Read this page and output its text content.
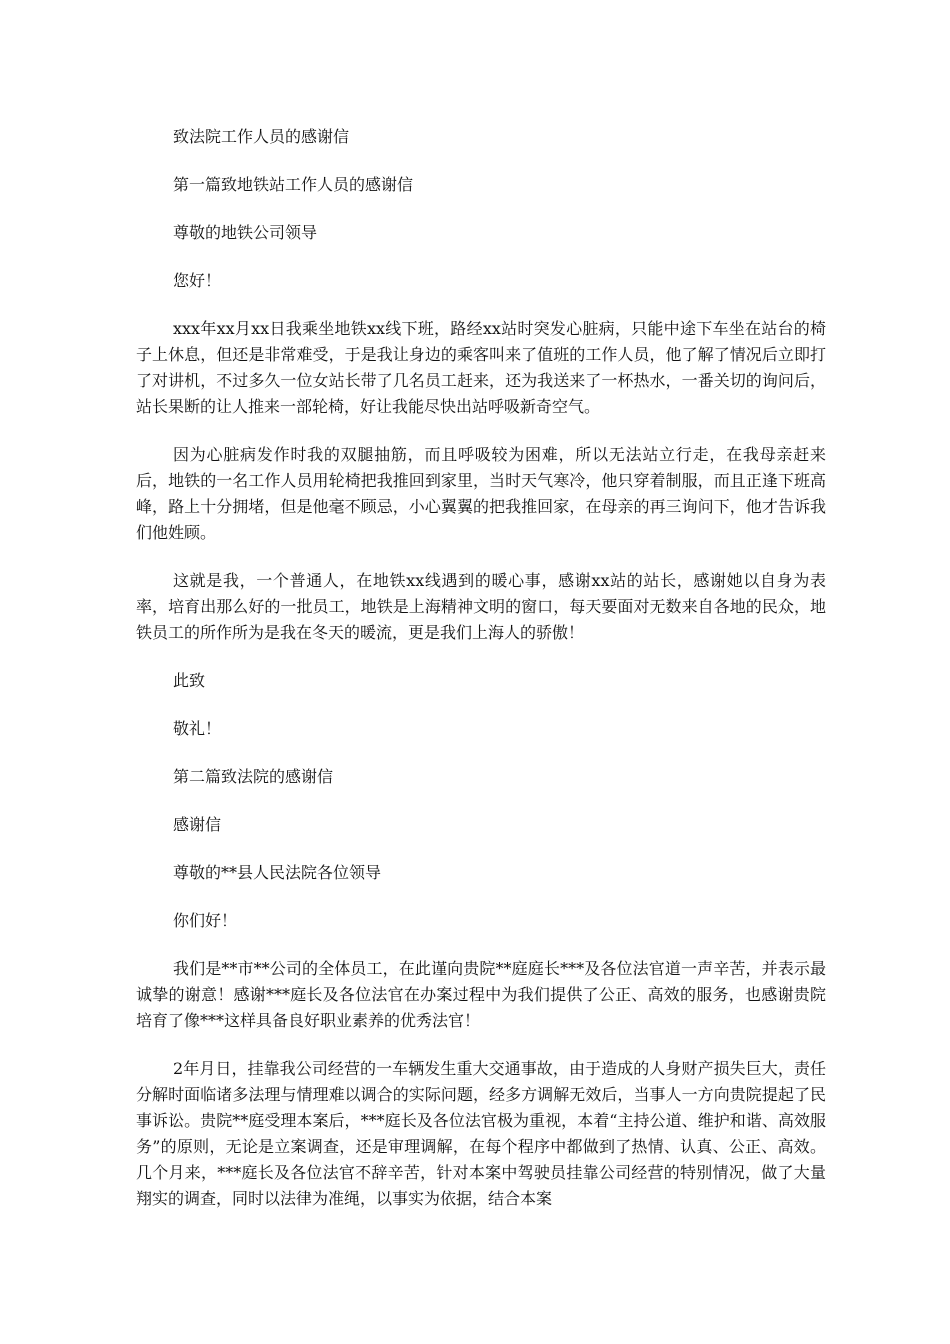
致法院工作人员的感谢信

第一篇致地铁站工作人员的感谢信

尊敬的地铁公司领导

您好！

xxx年xx月xx日我乘坐地铁xx线下班，路经xx站时突发心脏病，只能中途下车坐在站台的椅子上休息，但还是非常难受，于是我让身边的乘客叫来了值班的工作人员，他了解了情况后立即打了对讲机，不过多久一位女站长带了几名员工赶来，还为我送来了一杯热水，一番关切的询问后，站长果断的让人推来一部轮椅，好让我能尽快出站呼吸新奇空气。

因为心脏病发作时我的双腿抽筋，而且呼吸较为困难，所以无法站立行走，在我母亲赶来后，地铁的一名工作人员用轮椅把我推回到家里，当时天气寒冷，他只穿着制服，而且正逢下班高峰，路上十分拥堵，但是他毫不顾忌，小心翼翼的把我推回家，在母亲的再三询问下，他才告诉我们他姓顾。

这就是我，一个普通人，在地铁xx线遇到的暖心事，感谢xx站的站长，感谢她以自身为表率，培育出那么好的一批员工，地铁是上海精神文明的窗口，每天要面对无数来自各地的民众，地铁员工的所作所为是我在冬天的暖流，更是我们上海人的骄傲！

此致

敬礼！

第二篇致法院的感谢信

感谢信

尊敬的**县人民法院各位领导

你们好！

我们是**市**公司的全体员工，在此谨向贵院**庭庭长***及各位法官道一声辛苦，并表示最诚挚的谢意！感谢***庭长及各位法官在办案过程中为我们提供了公正、高效的服务，也感谢贵院培育了像***这样具备良好职业素养的优秀法官！

2年月日，挂靠我公司经营的一车辆发生重大交通事故，由于造成的人身财产损失巨大，责任分解时面临诸多法理与情理难以调合的实际问题，经多方调解无效后，当事人一方向贵院提起了民事诉讼。贵院**庭受理本案后，***庭长及各位法官极为重视，本着“主持公道、维护和谐、高效服务”的原则，无论是立案调查，还是审理调解，在每个程序中都做到了热情、认真、公正、高效。几个月来，***庭长及各位法官不辞辛苦，针对本案中驾驶员挂靠公司经营的特别情况，做了大量翔实的调查，同时以法律为准绳，以事实为依据，结合本案
